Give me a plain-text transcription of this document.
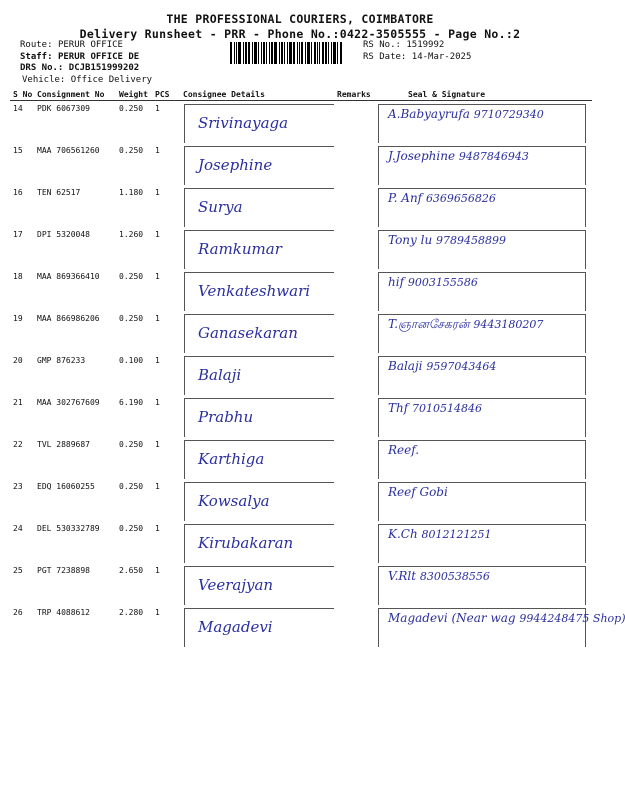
THE PROFESSIONAL COURIERS, COIMBATORE
Delivery Runsheet - PRR - Phone No.:0422-3505555 - Page No.:2
Route: PERUR OFFICE
Staff: PERUR OFFICE DE
DRS No.: DCJB151999202
Vehicle: Office Delivery
RS No.: 1519992
RS Date: 14-Mar-2025
S No	Consignment No	Weight	PCS	Consignee Details	Remarks	Seal & Signature
14	PDK 6067309	0.250	1	Srivinayaga		A.Babyayrufa 9710729340

15	MAA 706561260	0.250	1	Josephine		J.Josephine 9487846943

16	TEN 62517	1.180	1	Surya		P. Anf 6369656826

17	DPI 5320048	1.260	1	Ramkumar		Tony lu 9789458899

18	MAA 869366410	0.250	1	Venkateshwari		hif 9003155586

19	MAA 866986206	0.250	1	Ganasekaran		T.ஞானசேகரன் 9443180207

20	GMP 876233	0.100	1	Balaji		Balaji 9597043464

21	MAA 302767609	6.190	1	Prabhu		Thf 7010514846

22	TVL 2889687	0.250	1	Karthiga		Reef.

23	EDQ 16060255	0.250	1	Kowsalya		Reef Gobi

24	DEL 530332789	0.250	1	Kirubakaran		K.Ch 8012121251

25	PGT 7238898	2.650	1	Veerajyan		V.Rlt 8300538556

26	TRP 4088612	2.280	1	Magadevi		Magadevi (Near wag 9944248475 Shop)
